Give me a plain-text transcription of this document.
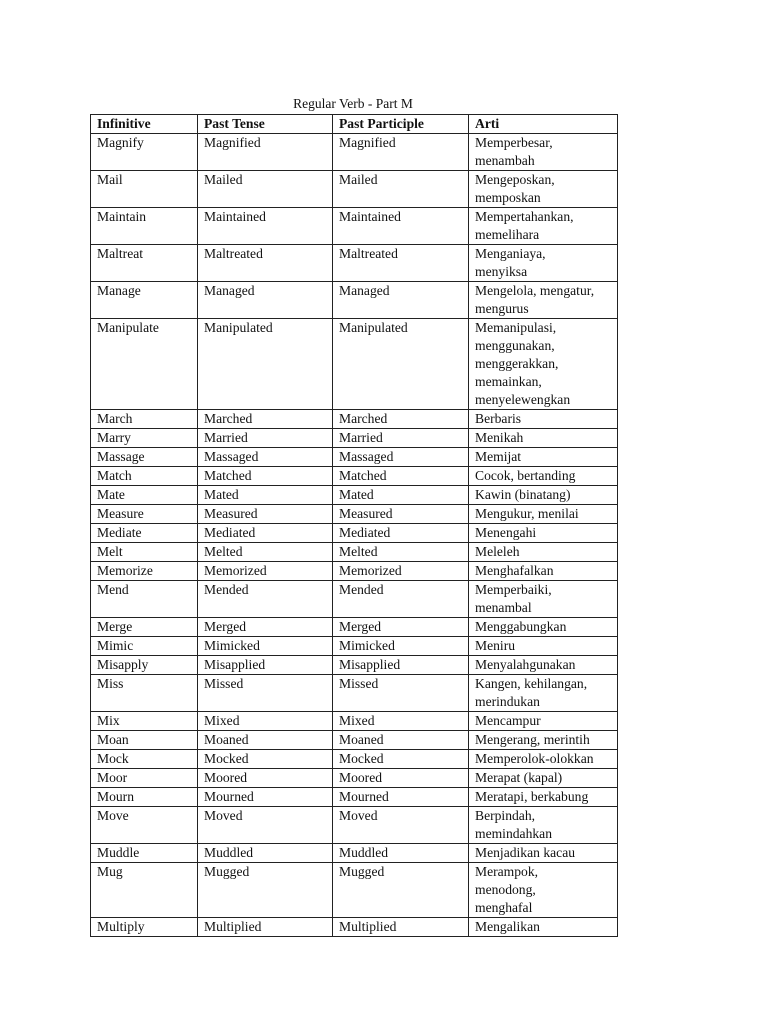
Regular Verb - Part M
Infinitive	Past Tense	Past Participle	Arti
Magnify	Magnified	Magnified	Memperbesar,
menambah
Mail	Mailed	Mailed	Mengeposkan,
memposkan
Maintain	Maintained	Maintained	Mempertahankan,
memelihara
Maltreat	Maltreated	Maltreated	Menganiaya,
menyiksa
Manage	Managed	Managed	Mengelola, mengatur,
mengurus
Manipulate	Manipulated	Manipulated	Memanipulasi,
menggunakan,
menggerakkan,
memainkan,
menyelewengkan
March	Marched	Marched	Berbaris
Marry	Married	Married	Menikah
Massage	Massaged	Massaged	Memijat
Match	Matched	Matched	Cocok, bertanding
Mate	Mated	Mated	Kawin (binatang)
Measure	Measured	Measured	Mengukur, menilai
Mediate	Mediated	Mediated	Menengahi
Melt	Melted	Melted	Meleleh
Memorize	Memorized	Memorized	Menghafalkan
Mend	Mended	Mended	Memperbaiki,
menambal
Merge	Merged	Merged	Menggabungkan
Mimic	Mimicked	Mimicked	Meniru
Misapply	Misapplied	Misapplied	Menyalahgunakan
Miss	Missed	Missed	Kangen, kehilangan,
merindukan
Mix	Mixed	Mixed	Mencampur
Moan	Moaned	Moaned	Mengerang, merintih
Mock	Mocked	Mocked	Memperolok-olokkan
Moor	Moored	Moored	Merapat (kapal)
Mourn	Mourned	Mourned	Meratapi, berkabung
Move	Moved	Moved	Berpindah,
memindahkan
Muddle	Muddled	Muddled	Menjadikan kacau
Mug	Mugged	Mugged	Merampok,
menodong,
menghafal
Multiply	Multiplied	Multiplied	Mengalikan
